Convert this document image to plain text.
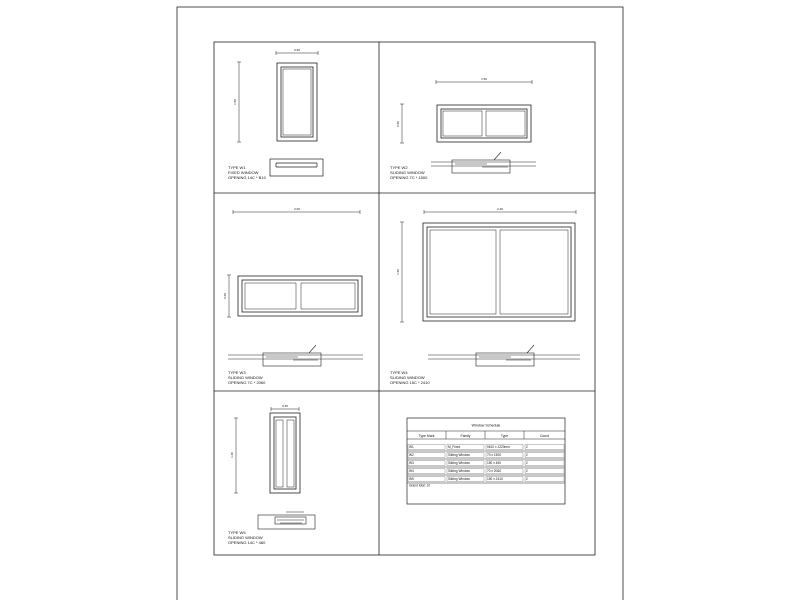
0.60
1.50
TYPE W1
FIXED WINDOW
OPENING 14C * B10
1.50
0.60
TYPE W2
SLIDING WINDOW
OPENING 7C * 1500
2.00
0.60
TYPE W3
SLIDING WINDOW
OPENING 7C * 2060
2.40
1.50
TYPE W4
SLIDING WINDOW
OPENING 15C * 2410
0.45
1.40
TYPE W5
SLIDING WINDOW
OPENING 14C * 460
Window Schedule
Type Mark	Family	Type	Count
W1	M_Fixed	0610 x 1220mm	2
W2	Sliding Window	70 x 1500	2
W3	Sliding Window	150 x 460	2
W4	Sliding Window	70 x 2060	2
W5	Sliding Window	150 x 2410	2
Grand total: 10
